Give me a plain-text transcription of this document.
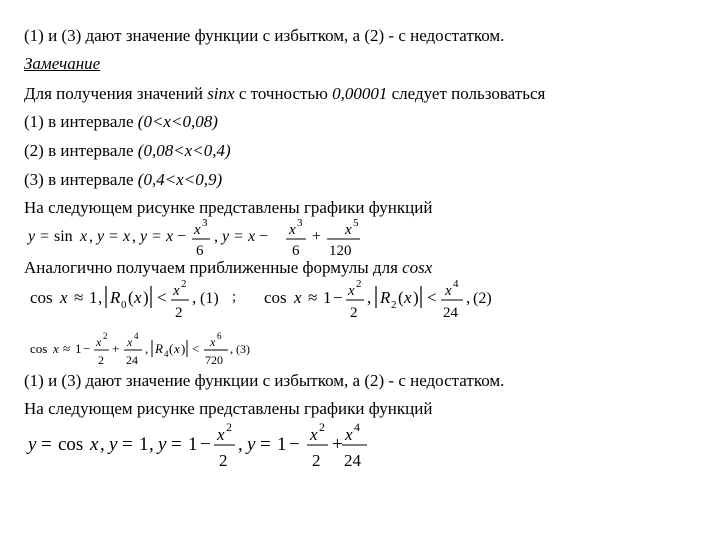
(1) и (3) дают значение функции с избытком, а (2) - с недостатком.
Замечание
Для получения значений sinx с точностью 0,00001 следует пользоваться
(1) в интервале (0<x<0,08)
(2) в интервале (0,08<x<0,4)
(3) в интервале (0,4<x<0,9)
На следующем рисунке представлены графики функций
y = sin x , y = x , y = x − x 3
6
, y = x − x 3
6
+ x 5
120
Аналогично получаем приближенные формулы для cosx
cos x ≈ 1 , R 0 ( x ) < x 2
2
, (1) ; cos x ≈ 1 − x 2
2
, R 2 ( x ) < x 4
24
, (2)
cos x ≈ 1 − x 2
2
+ x 4
24
, R 4 ( x ) < x 6
720
, (3)
(1) и (3) дают значение функции с избытком, а (2) - с недостатком.
На следующем рисунке представлены графики функций
y = cos x , y = 1 , y = 1 − x 2
2
, y = 1 − x 2
2
+ x 4
24
